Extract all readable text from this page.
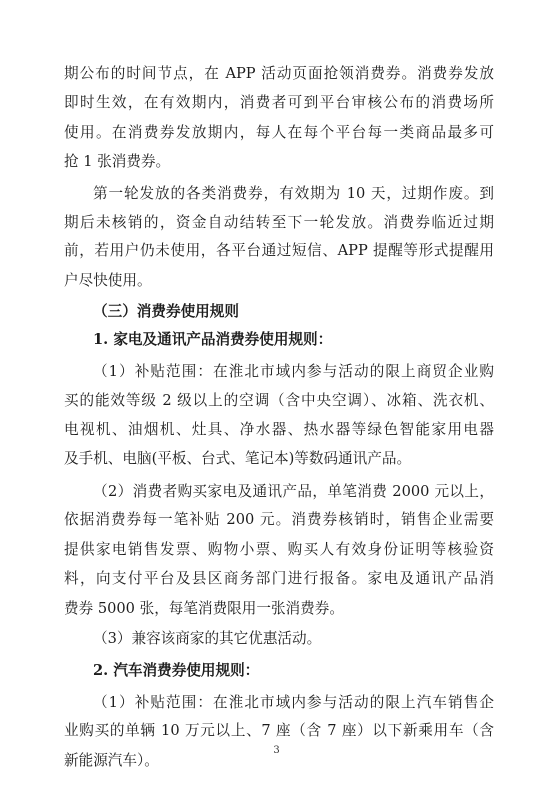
期公布的时间节点，在 APP 活动页面抢领消费券。消费券发放
即时生效，在有效期内，消费者可到平台审核公布的消费场所
使用。在消费券发放期内，每人在每个平台每一类商品最多可
抢 1 张消费券。
第一轮发放的各类消费券，有效期为 10 天，过期作废。到
期后未核销的，资金自动结转至下一轮发放。消费券临近过期
前，若用户仍未使用，各平台通过短信、APP 提醒等形式提醒用
户尽快使用。
（三）消费券使用规则
1. 家电及通讯产品消费券使用规则：
（1）补贴范围：在淮北市域内参与活动的限上商贸企业购
买的能效等级 2 级以上的空调（含中央空调）、冰箱、洗衣机、
电视机、油烟机、灶具、净水器、热水器等绿色智能家用电器
及手机、电脑(平板、台式、笔记本)等数码通讯产品。
（2）消费者购买家电及通讯产品，单笔消费 2000 元以上，
依据消费券每一笔补贴 200 元。消费券核销时，销售企业需要
提供家电销售发票、购物小票、购买人有效身份证明等核验资
料，向支付平台及县区商务部门进行报备。家电及通讯产品消
费券 5000 张，每笔消费限用一张消费券。
（3）兼容该商家的其它优惠活动。
2. 汽车消费券使用规则：
（1）补贴范围：在淮北市域内参与活动的限上汽车销售企
业购买的单辆 10 万元以上、7 座（含 7 座）以下新乘用车（含
新能源汽车）。
3
